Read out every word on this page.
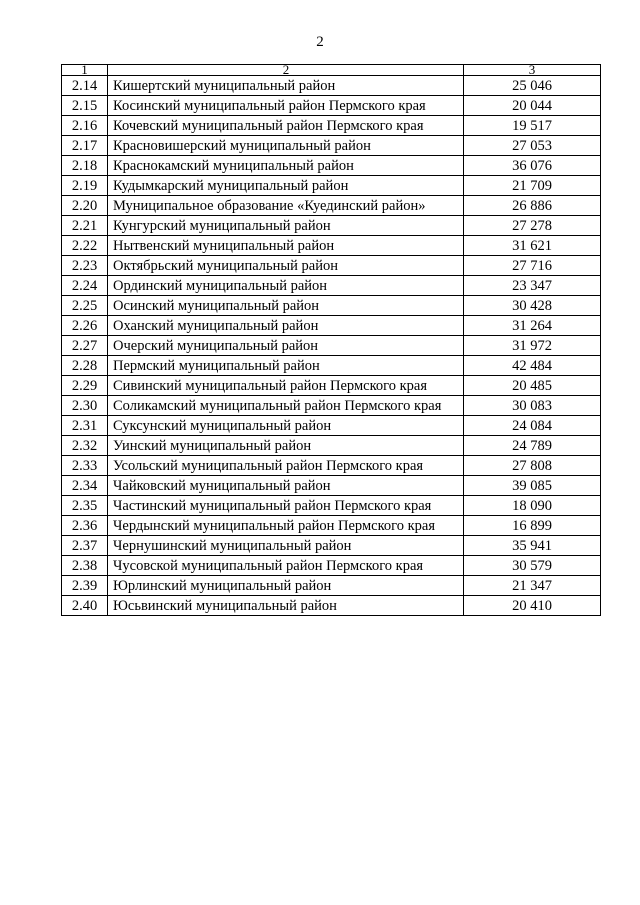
2
1	2	3
2.14	Кишертский муниципальный район	25 046
2.15	Косинский муниципальный район Пермского края	20 044
2.16	Кочевский муниципальный район Пермского края	19 517
2.17	Красновишерский муниципальный район	27 053
2.18	Краснокамский муниципальный район	36 076
2.19	Кудымкарский муниципальный район	21 709
2.20	Муниципальное образование «Куединский район»	26 886
2.21	Кунгурский муниципальный район	27 278
2.22	Нытвенский муниципальный район	31 621
2.23	Октябрьский муниципальный район	27 716
2.24	Ординский муниципальный район	23 347
2.25	Осинский муниципальный район	30 428
2.26	Оханский муниципальный район	31 264
2.27	Очерский муниципальный район	31 972
2.28	Пермский муниципальный район	42 484
2.29	Сивинский муниципальный район Пермского края	20 485
2.30	Соликамский муниципальный район Пермского края	30 083
2.31	Суксунский муниципальный район	24 084
2.32	Уинский муниципальный район	24 789
2.33	Усольский муниципальный район Пермского края	27 808
2.34	Чайковский муниципальный район	39 085
2.35	Частинский муниципальный район Пермского края	18 090
2.36	Чердынский муниципальный район Пермского края	16 899
2.37	Чернушинский муниципальный район	35 941
2.38	Чусовской муниципальный район Пермского края	30 579
2.39	Юрлинский муниципальный район	21 347
2.40	Юсьвинский муниципальный район	20 410
